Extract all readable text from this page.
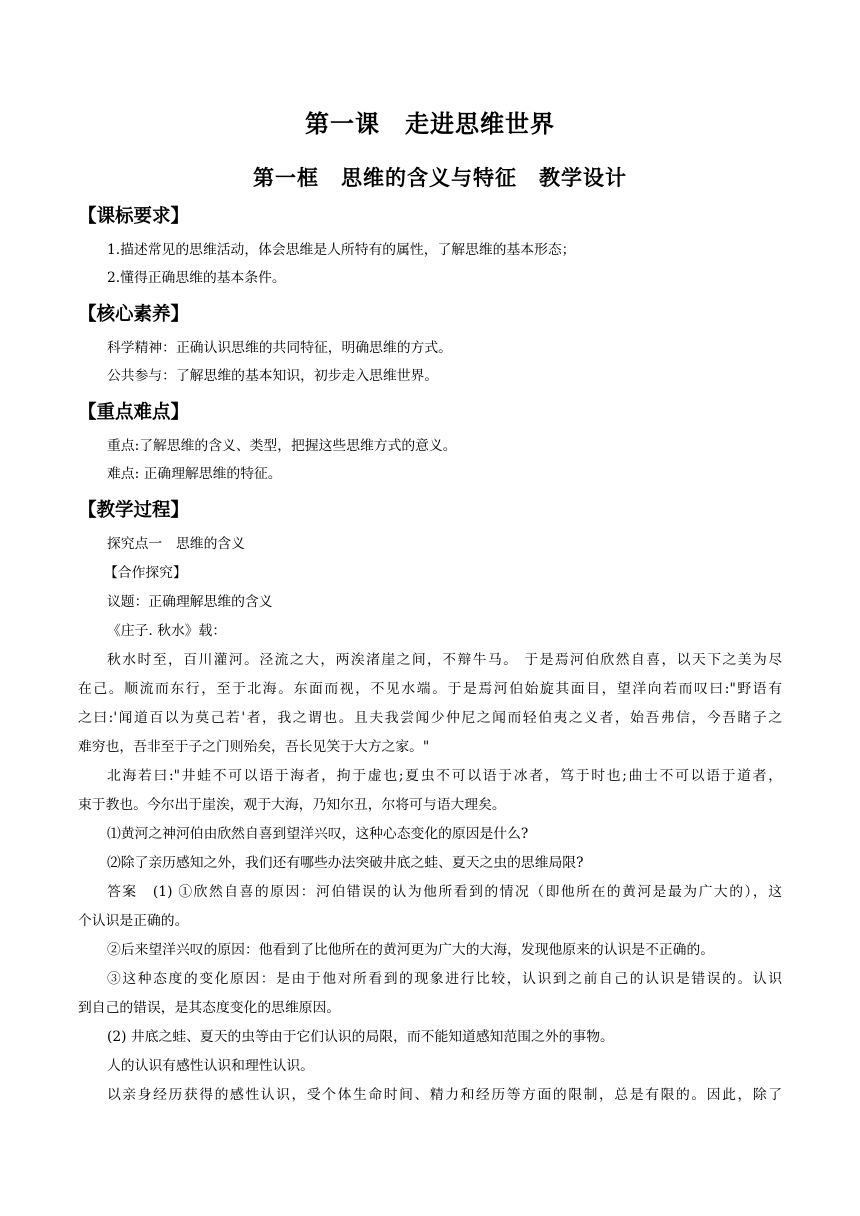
第一课　走进思维世界
第一框　思维的含义与特征　教学设计
【课标要求】
1.描述常见的思维活动，体会思维是人所特有的属性，了解思维的基本形态；
2.懂得正确思维的基本条件。
【核心素养】
科学精神：正确认识思维的共同特征，明确思维的方式。
公共参与：了解思维的基本知识，初步走入思维世界。
【重点难点】
重点:了解思维的含义、类型，把握这些思维方式的意义。
难点: 正确理解思维的特征。
【教学过程】
探究点一　思维的含义
【合作探究】
议题：正确理解思维的含义
《庄子. 秋水》载：
秋水时至，百川灌河。泾流之大，两涘渚崖之间，不辩牛马。 于是焉河伯欣然自喜，以天下之美为尽
在己。顺流而东行，至于北海。东面而视，不见水端。于是焉河伯始旋其面目，望洋向若而叹曰:"野语有
之曰:'闻道百以为莫己若'者，我之谓也。且夫我尝闻少仲尼之闻而轻伯夷之义者，始吾弗信，今吾睹子之
难穷也，吾非至于子之门则殆矣，吾长见笑于大方之家。"
北海若曰:"井蛙不可以语于海者，拘于虚也;夏虫不可以语于冰者，笃于时也;曲士不可以语于道者，
束于教也。今尔出于崖涘，观于大海，乃知尔丑，尔将可与语大理矣。
⑴黄河之神河伯由欣然自喜到望洋兴叹，这种心态变化的原因是什么?
⑵除了亲历感知之外，我们还有哪些办法突破井底之蛙、夏天之虫的思维局限?
答案　(1) ①欣然自喜的原因：河伯错误的认为他所看到的情况（即他所在的黄河是最为广大的），这
个认识是正确的。
②后来望洋兴叹的原因：他看到了比他所在的黄河更为广大的大海，发现他原来的认识是不正确的。
③这种态度的变化原因：是由于他对所看到的现象进行比较，认识到之前自己的认识是错误的。认识
到自己的错误，是其态度变化的思维原因。
(2) 井底之蛙、夏天的虫等由于它们认识的局限，而不能知道感知范围之外的事物。
人的认识有感性认识和理性认识。
以亲身经历获得的感性认识，受个体生命时间、精力和经历等方面的限制，总是有限的。因此，除了
